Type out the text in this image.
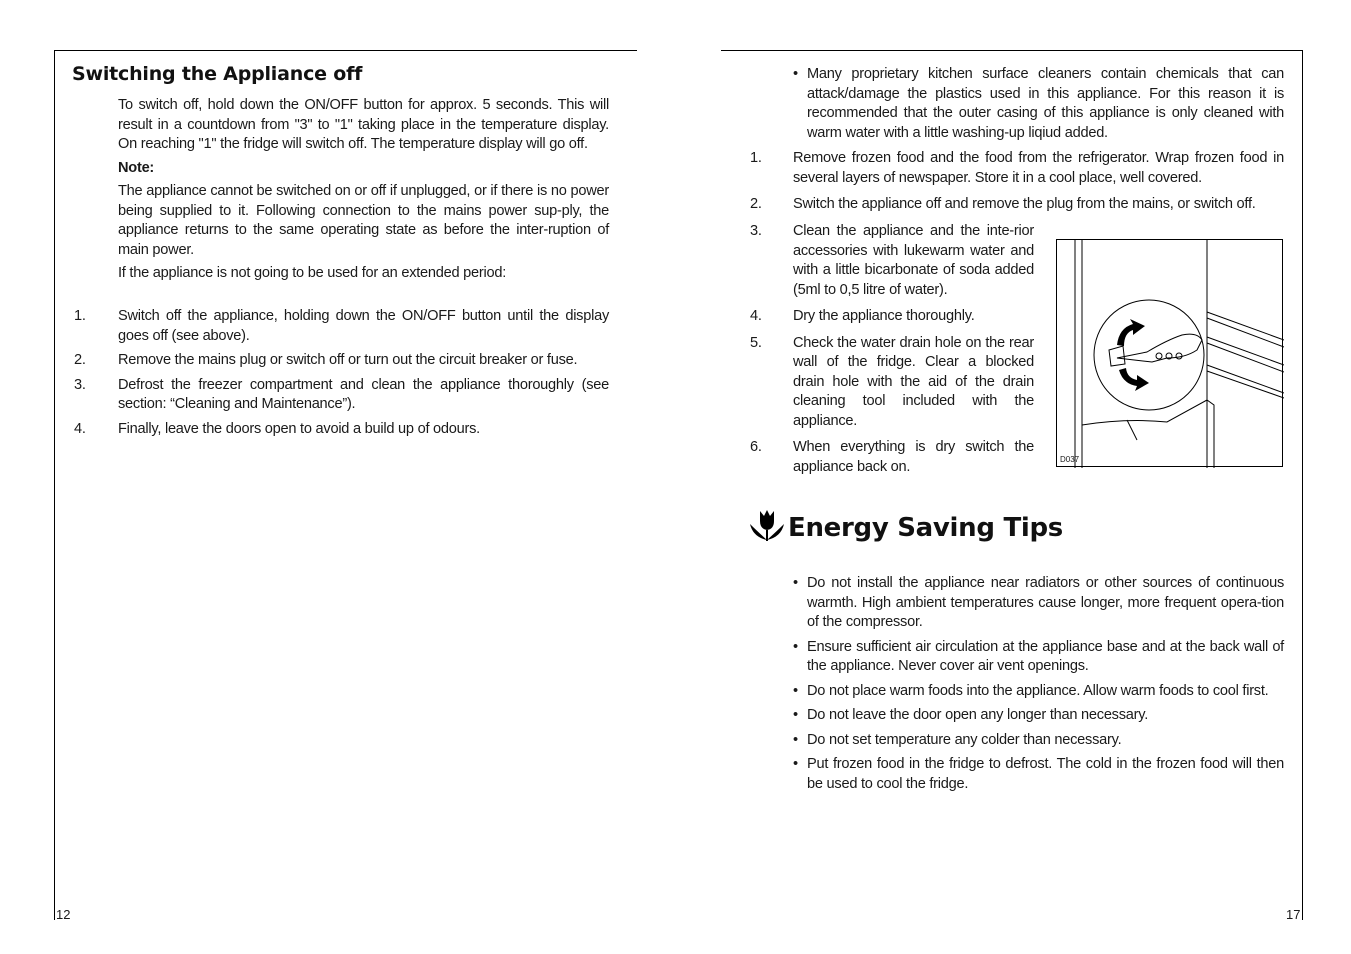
12	17
Switching the Appliance off

To switch off, hold down the ON/OFF button for approx. 5 seconds. This will result in a countdown from "3" to "1" taking place in the temperature display. On reaching "1" the fridge will switch off. The temperature display will go off.

Note:

The appliance cannot be switched on or off if unplugged, or if there is no power being supplied to it. Following connection to the mains power sup-ply, the appliance returns to the same operating state as before the inter-ruption of main power.

If the appliance is not going to be used for an extended period:

1. Switch off the appliance, holding down the ON/OFF button until the display goes off (see above).
2. Remove the mains plug or switch off or turn out the circuit breaker or fuse.
3. Defrost the freezer compartment and clean the appliance thoroughly (see section: “Cleaning and Maintenance”).
4. Finally, leave the doors open to avoid a build up of odours.
• Many proprietary kitchen surface cleaners contain chemicals that can attack/damage the plastics used in this appliance. For this reason it is recommended that the outer casing of this appliance is only cleaned with warm water with a little washing-up liqiud added.
1. Remove frozen food and the food from the refrigerator. Wrap frozen food in several layers of newspaper. Store it in a cool place, well covered.
2. Switch the appliance off and remove the plug from the mains, or switch off.
3. Clean the appliance and the inte-rior accessories with lukewarm water and with a little bicarbonate of soda added (5ml to 0,5 litre of water).
4. Dry the appliance thoroughly.
5. Check the water drain hole on the rear wall of the fridge. Clear a blocked drain hole with the aid of the drain cleaning tool included with the appliance.
6. When everything is dry switch the appliance back on.	D037
Energy Saving Tips
• Do not install the appliance near radiators or other sources of continuous warmth. High ambient temperatures cause longer, more frequent opera-tion of the compressor.
• Ensure sufficient air circulation at the appliance base and at the back wall of the appliance. Never cover air vent openings.
• Do not place warm foods into the appliance. Allow warm foods to cool first.
• Do not leave the door open any longer than necessary.
• Do not set temperature any colder than necessary.
• Put frozen food in the fridge to defrost. The cold in the frozen food will then be used to cool the fridge.
